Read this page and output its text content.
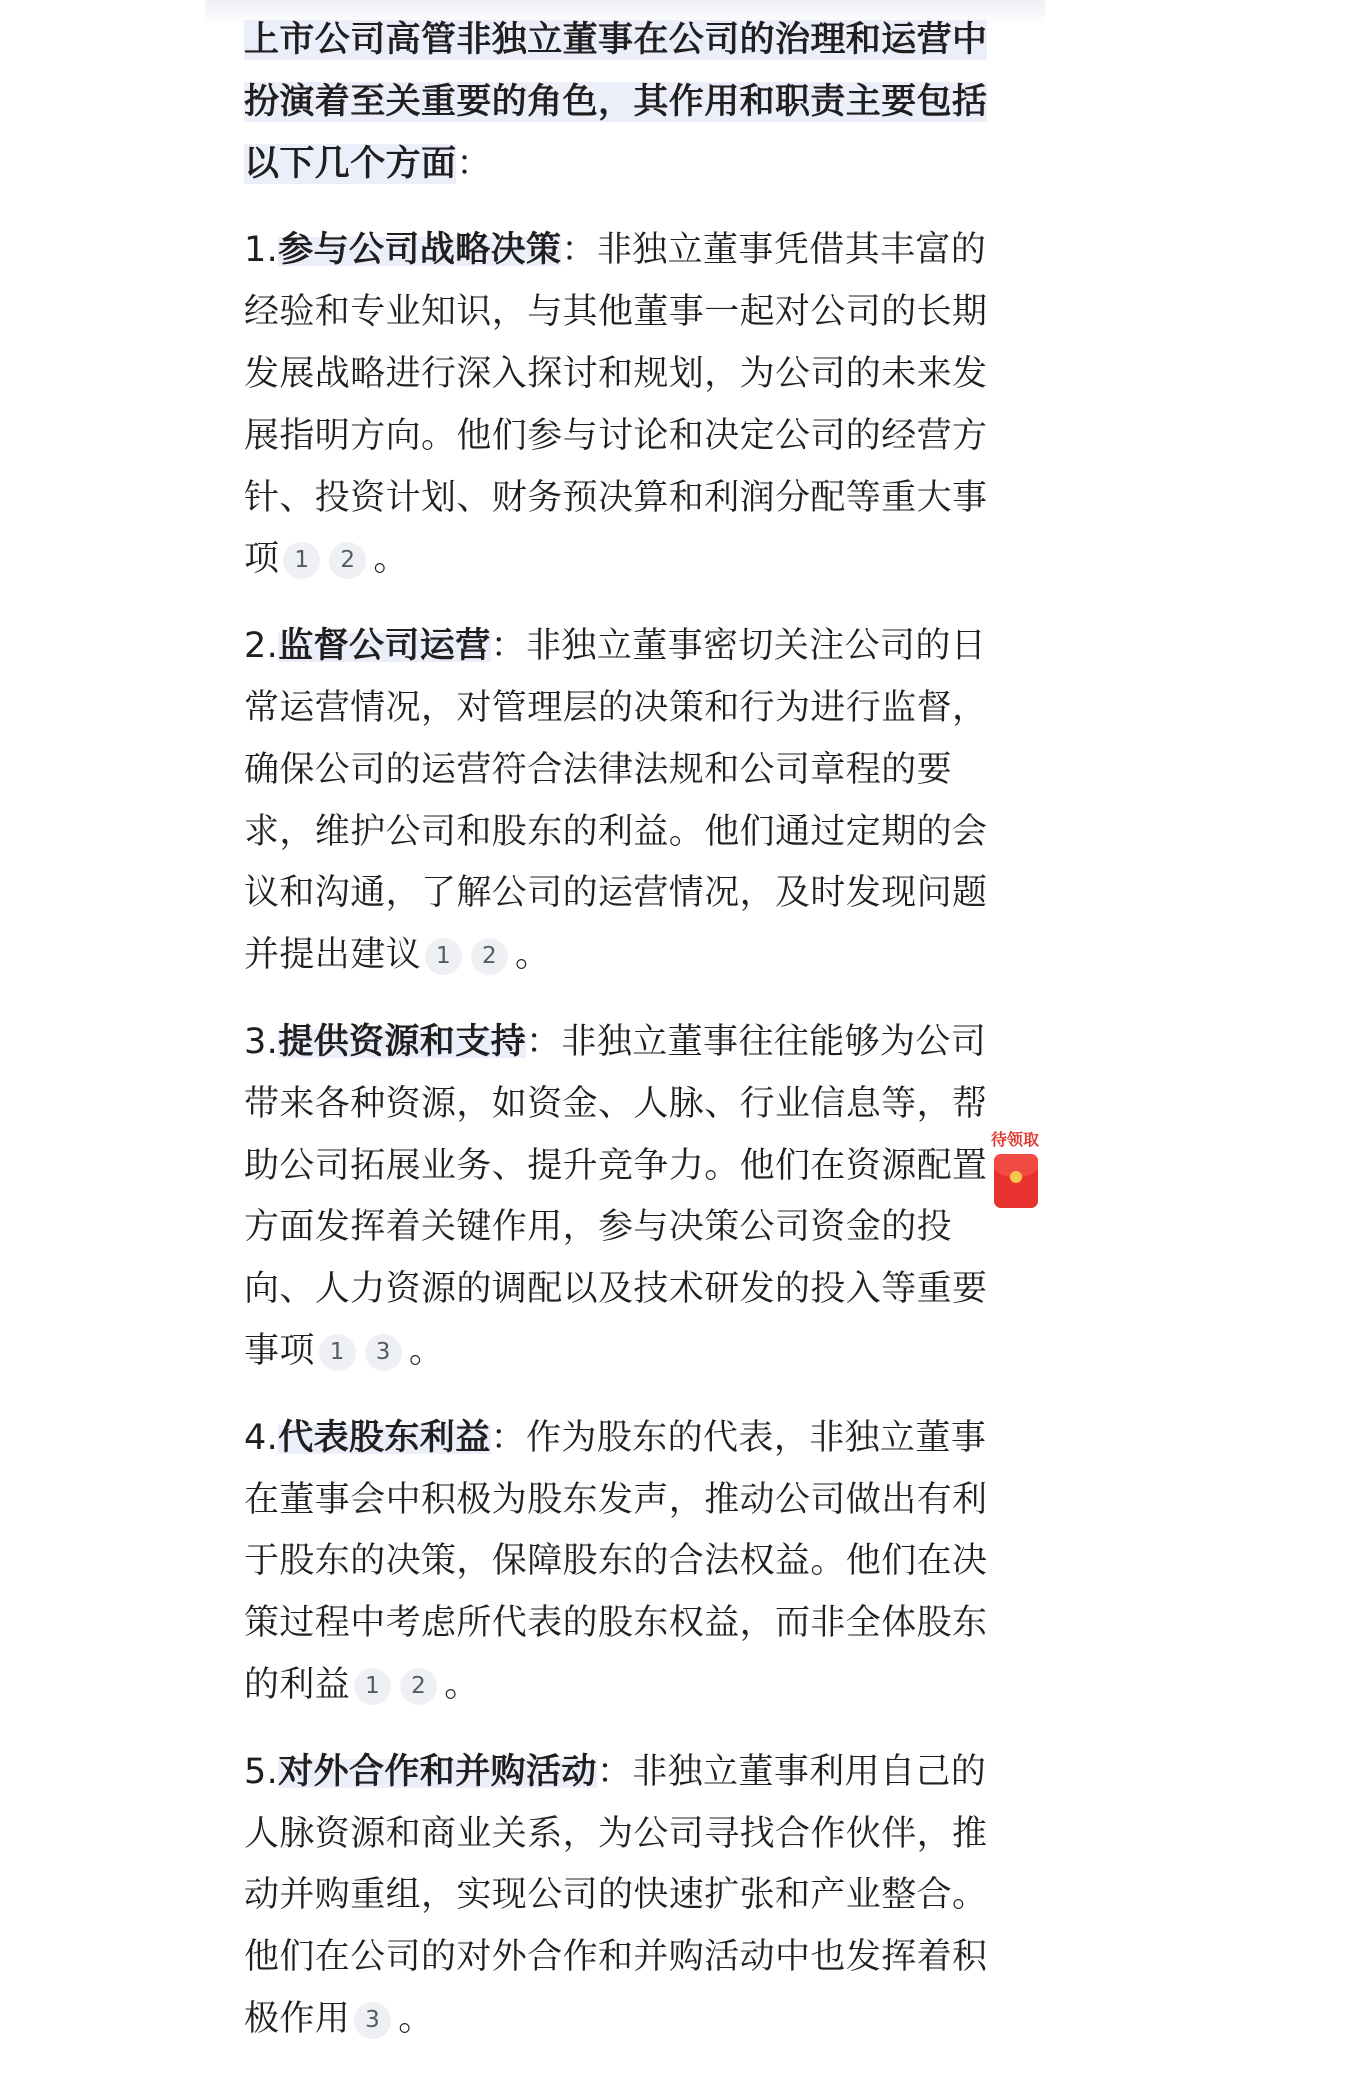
上市公司高管非独立董事在公司的治理和运营中扮演着至关重要的角色，其作用和职责主要包括以下几个方面：

1.参与公司战略决策：非独立董事凭借其丰富的经验和专业知识，与其他董事一起对公司的长期发展战略进行深入探讨和规划，为公司的未来发展指明方向。他们参与讨论和决定公司的经营方针、投资计划、财务预决算和利润分配等重大事项 1 2 。

2.监督公司运营：非独立董事密切关注公司的日常运营情况，对管理层的决策和行为进行监督，确保公司的运营符合法律法规和公司章程的要求，维护公司和股东的利益。他们通过定期的会议和沟通，了解公司的运营情况，及时发现问题并提出建议 1 2 。

3.提供资源和支持：非独立董事往往能够为公司带来各种资源，如资金、人脉、行业信息等，帮助公司拓展业务、提升竞争力。他们在资源配置方面发挥着关键作用，参与决策公司资金的投向、人力资源的调配以及技术研发的投入等重要事项 1 3 。

4.代表股东利益：作为股东的代表，非独立董事在董事会中积极为股东发声，推动公司做出有利于股东的决策，保障股东的合法权益。他们在决策过程中考虑所代表的股东权益，而非全体股东的利益 1 2 。

5.对外合作和并购活动：非独立董事利用自己的人脉资源和商业关系，为公司寻找合作伙伴，推动并购重组，实现公司的快速扩张和产业整合。他们在公司的对外合作和并购活动中也发挥着积极作用 3 。

待领取
